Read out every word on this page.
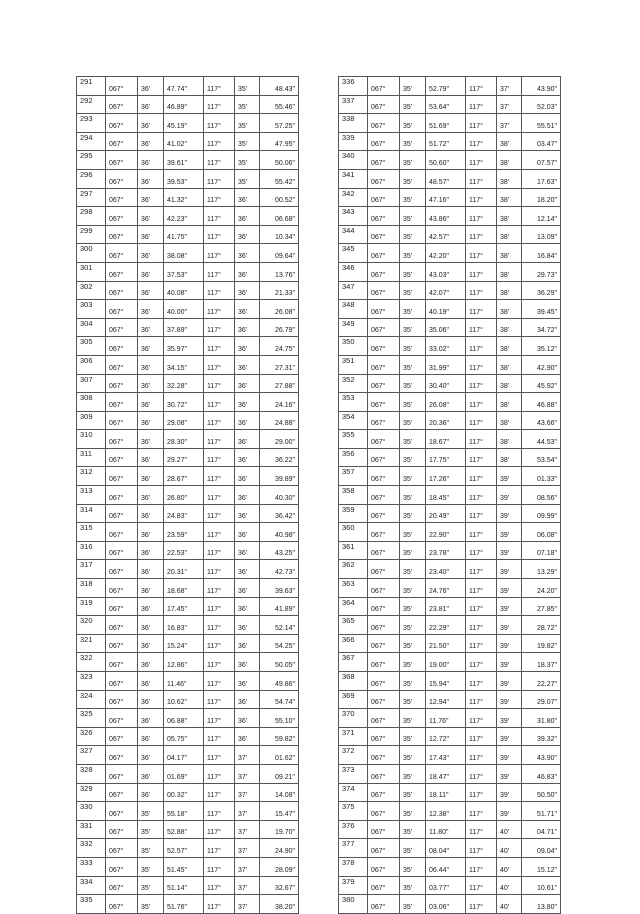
291	067°	36'	47.74"	117°	35'	48.43"
292	067°	36'	46.89"	117°	35'	55.46"
293	067°	36'	45.19"	117°	35'	57.25"
294	067°	36'	41.02"	117°	35'	47.95"
295	067°	36'	39.61"	117°	35'	50.06"
296	067°	36'	39.53"	117°	35'	55.42"
297	067°	36'	41.32"	117°	36'	00.52"
298	067°	36'	42.23"	117°	36'	06.68"
299	067°	36'	41.75"	117°	36'	10.34"
300	067°	36'	38.08"	117°	36'	09.64"
301	067°	36'	37.53"	117°	36'	13.76"
302	067°	36'	40.08"	117°	36'	21.33"
303	067°	36'	40.00"	117°	36'	26.08"
304	067°	36'	37.89"	117°	36'	26.79"
305	067°	36'	35.97"	117°	36'	24.75"
306	067°	36'	34.15"	117°	36'	27.31"
307	067°	36'	32.28"	117°	36'	27.88"
308	067°	36'	30.72"	117°	36'	24.16"
309	067°	36'	29.08"	117°	36'	24.88"
310	067°	36'	28.30"	117°	36'	29.00"
311	067°	36'	29.27"	117°	36'	36.22"
312	067°	36'	28.67"	117°	36'	39.89"
313	067°	36'	26.80"	117°	36'	40.30"
314	067°	36'	24.83"	117°	36'	36.42"
315	067°	36'	23.59"	117°	36'	40.98"
316	067°	36'	22.53"	117°	36'	43.25"
317	067°	36'	20.31"	117°	36'	42.73"
318	067°	36'	18.68"	117°	36'	39.63"
319	067°	36'	17.45"	117°	36'	41.89"
320	067°	36'	16.83"	117°	36'	52.14"
321	067°	36'	15.24"	117°	36'	54.25"
322	067°	36'	12.86"	117°	36'	50.05"
323	067°	36'	11.46"	117°	36'	49.86"
324	067°	36'	10.62"	117°	36'	54.74"
325	067°	36'	06.88"	117°	36'	55.10"
326	067°	36'	05.75"	117°	36'	59.82"
327	067°	36'	04.17"	117°	37'	01.62"
328	067°	36'	01.69"	117°	37'	09.21"
329	067°	36'	00.32"	117°	37'	14.08"
330	067°	35'	55.18"	117°	37'	15.47"
331	067°	35'	52.88"	117°	37'	19.70"
332	067°	35'	52.57"	117°	37'	24.90"
333	067°	35'	51.45"	117°	37'	28.09"
334	067°	35'	51.14"	117°	37'	32.67"
335	067°	35'	51.76"	117°	37'	38.20"
336	067°	35'	52.79"	117°	37'	43.90"
337	067°	35'	53.64"	117°	37'	52.03"
338	067°	35'	51.69"	117°	37'	55.51"
339	067°	35'	51.72"	117°	38'	03.47"
340	067°	35'	50.60"	117°	38'	07.57"
341	067°	35'	48.57"	117°	38'	17.63"
342	067°	35'	47.16"	117°	38'	18.20"
343	067°	35'	43.86"	117°	38'	12.14"
344	067°	35'	42.57"	117°	38'	13.09"
345	067°	35'	42.20"	117°	38'	16.84"
346	067°	35'	43.03"	117°	38'	29.73"
347	067°	35'	42.07"	117°	38'	36.29"
348	067°	35'	40.19"	117°	38'	39.45"
349	067°	35'	35.06"	117°	38'	34.72"
350	067°	35'	33.02"	117°	38'	35.12"
351	067°	35'	31.99"	117°	38'	42.90"
352	067°	35'	30.40"	117°	38'	45.92"
353	067°	35'	26.08"	117°	38'	46.88"
354	067°	35'	20.36"	117°	38'	43.66"
355	067°	35'	18.67"	117°	38'	44.53"
356	067°	35'	17.75"	117°	38'	53.54"
357	067°	35'	17.26"	117°	39'	01.33"
358	067°	35'	18.45"	117°	39'	08.56"
359	067°	35'	20.49"	117°	39'	09.99"
360	067°	35'	22.90"	117°	39'	06.08"
361	067°	35'	23.78"	117°	39'	07.18"
362	067°	35'	23.40"	117°	39'	13.29"
363	067°	35'	24.76"	117°	39'	24.20"
364	067°	35'	23.81"	117°	39'	27.85"
365	067°	35'	22.29"	117°	39'	28.72"
366	067°	35'	21.50"	117°	39'	19.82"
367	067°	35'	19.00"	117°	39'	18.37"
368	067°	35'	15.94"	117°	39'	22.27"
369	067°	35'	12.94"	117°	39'	29.07"
370	067°	35'	11.76"	117°	39'	31.80"
371	067°	35'	12.72"	117°	39'	39.32"
372	067°	35'	17.43"	117°	39'	43.90"
373	067°	35'	18.47"	117°	39'	46.83"
374	067°	35'	18.11"	117°	39'	50.50"
375	067°	35'	12.38"	117°	39'	51.71"
376	067°	35'	11.80"	117°	40'	04.71"
377	067°	35'	08.04"	117°	40'	09.04"
378	067°	35'	06.44"	117°	40'	15.12"
379	067°	35'	03.77"	117°	40'	10.61"
380	067°	35'	03.06"	117°	40'	13.80"
